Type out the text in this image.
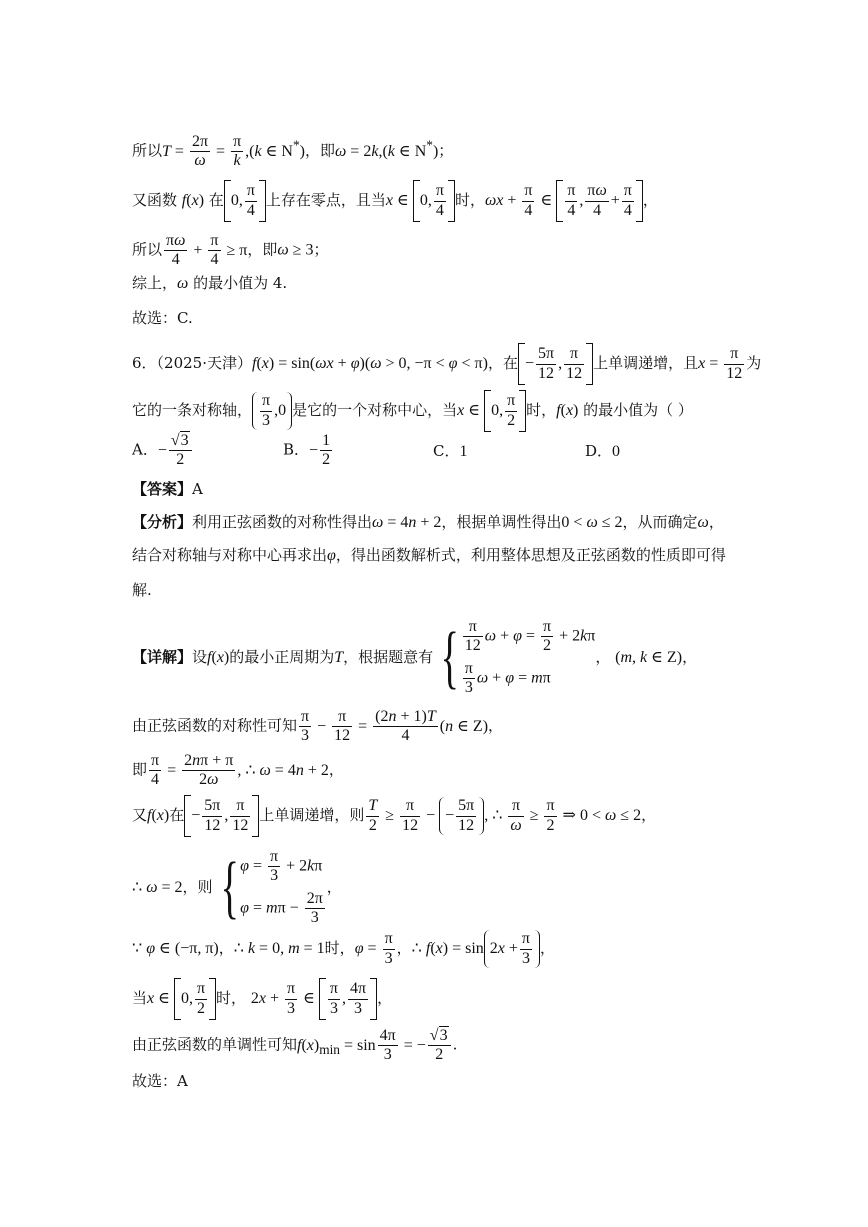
所以$T = \frac{2\pi}{\omega} = \frac{\pi}{k} ,(k$ ∈ N*)，即ω = 2k,(k ∈ N*)；
又函数 f(x) 在 0, $\frac{\pi}{4}$ 上存在零点，且当x ∈ 0, $\frac{\pi}{4}$ 时，$\omega x + \frac{\pi}{4}$ ∈ $\frac{\pi}{4}$ , $\frac{\pi\omega}{4} + \frac{\pi}{4}$ ，
所以 $\frac{\pi\omega}{4} + \frac{\pi}{4} \ge \pi$，即ω ≥ 3；
综上，ω 的最小值为 4.
故选：C.
6．（2025·天津）f(x) = sin(ωx + φ)(ω > 0, −π < φ < π)，在 − $\frac{5\pi}{12}$ , $\frac{\pi}{12}$ 上单调递增，且$x = \frac{\pi}{12}$ 为
它的一条对称轴， $\frac{\pi}{3} ,0$ 是它的一个对称中心，当x ∈ 0, $\frac{\pi}{2}$ 时，f(x) 的最小值为（ ）
A．− $\frac{√3}{2}$	B．− $\frac{1}{2}$	C．1	D．0
【答案】A
【分析】利用正弦函数的对称性得出ω = 4n + 2，根据单调性得出0 < ω ≤ 2，从而确定ω，
结合对称轴与对称中心再求出φ，得出函数解析式，利用整体思想及正弦函数的性质即可得
解.
【详解】设f(x)的最小正周期为T，根据题意有 { $\frac{\pi}{12}$ $\omega + \varphi = \frac{\pi}{2} + 2k\pi$
$\frac{\pi}{3}$ ω + φ = mπ
， (m, k ∈ Z)，
由正弦函数的对称性可知 $\frac{\pi}{3} - \frac{\pi}{12} = \frac{(2n + 1)T}{4} (n$ ∈ Z)，
即 $\frac{\pi}{4} = \frac{2n\pi + \pi}{2\omega}$ , ∴ ω = 4n + 2，
又f(x)在 − $\frac{5\pi}{12}$ , $\frac{\pi}{12}$ 上单调递增，则 $\frac{T}{2} \ge \frac{\pi}{12}$ − − $\frac{5\pi}{12}$ , ∴ $\frac{\pi}{\omega} \ge \frac{\pi}{2}$ ⇒ 0 < ω ≤ 2，
∴ ω = 2，则 { $\varphi = \frac{\pi}{3} + 2k\pi$
$\varphi = m\pi - \frac{2\pi}{3}$
，
∵ φ ∈ (−π, π)，∴ k = 0, m = 1时，$\varphi = \frac{\pi}{3}$ ，∴ $f(x) = \sin 2x + \frac{\pi}{3}$ ，
当x ∈ 0, $\frac{\pi}{2}$ 时， $2x + \frac{\pi}{3}$ ∈ $\frac{\pi}{3}$ , $\frac{4\pi}{3}$ ，
由正弦函数的单调性可知$f(x)_{min} = \sin \frac{4\pi}{3}$ = − $\frac{√3}{2}$ .
故选：A
